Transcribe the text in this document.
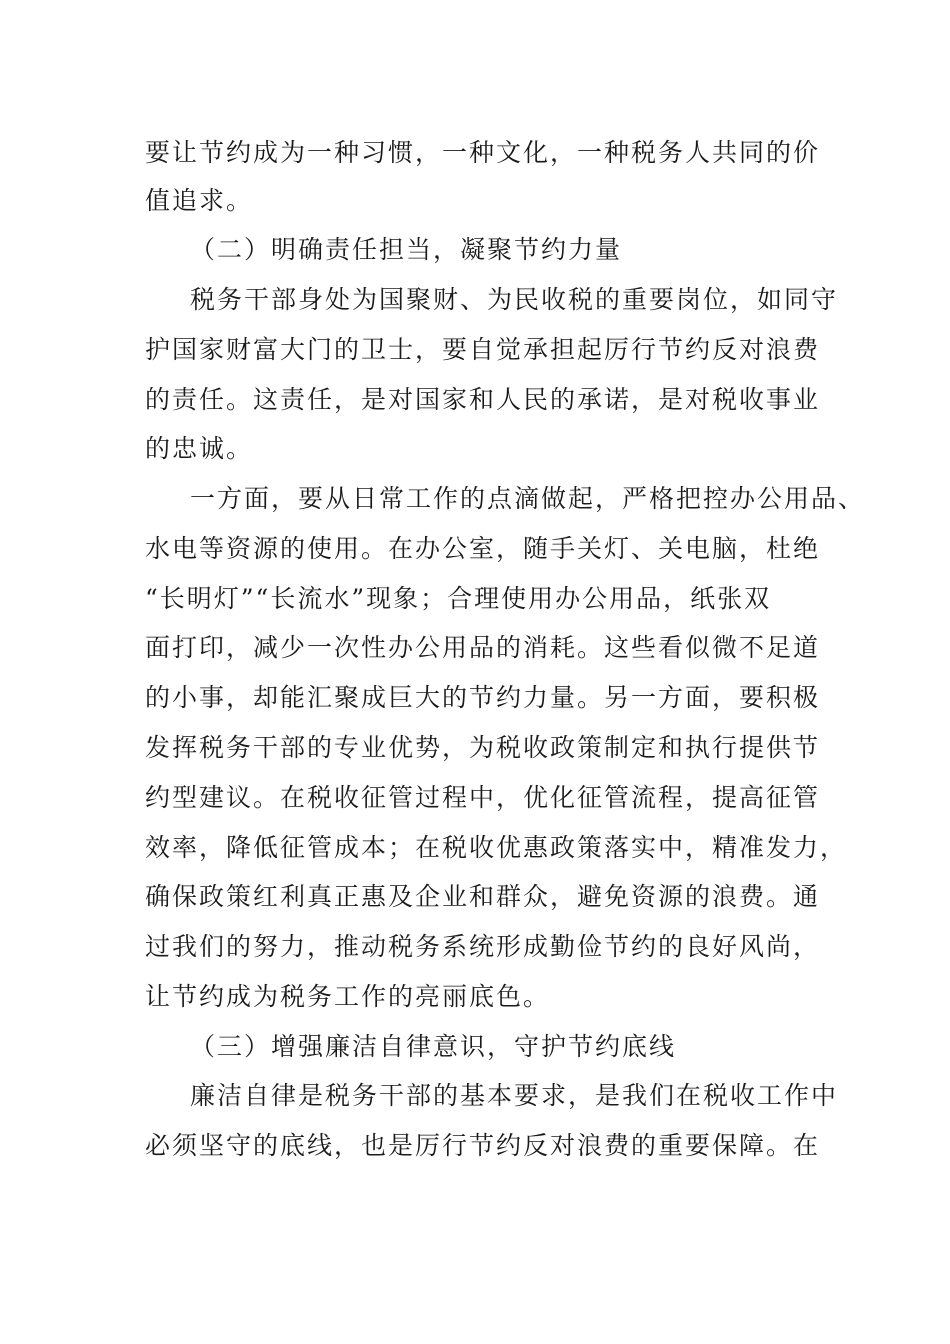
要让节约成为一种习惯，一种文化，一种税务人共同的价
值追求。
（二）明确责任担当，凝聚节约力量
税务干部身处为国聚财、为民收税的重要岗位，如同守
护国家财富大门的卫士，要自觉承担起厉行节约反对浪费
的责任。这责任，是对国家和人民的承诺，是对税收事业
的忠诚。
一方面，要从日常工作的点滴做起，严格把控办公用品、
水电等资源的使用。在办公室，随手关灯、关电脑，杜绝
“长明灯”“长流水”现象；合理使用办公用品，纸张双
面打印，减少一次性办公用品的消耗。这些看似微不足道
的小事，却能汇聚成巨大的节约力量。另一方面，要积极
发挥税务干部的专业优势，为税收政策制定和执行提供节
约型建议。在税收征管过程中，优化征管流程，提高征管
效率，降低征管成本；在税收优惠政策落实中，精准发力，
确保政策红利真正惠及企业和群众，避免资源的浪费。通
过我们的努力，推动税务系统形成勤俭节约的良好风尚，
让节约成为税务工作的亮丽底色。
（三）增强廉洁自律意识，守护节约底线
廉洁自律是税务干部的基本要求，是我们在税收工作中
必须坚守的底线，也是厉行节约反对浪费的重要保障。在
